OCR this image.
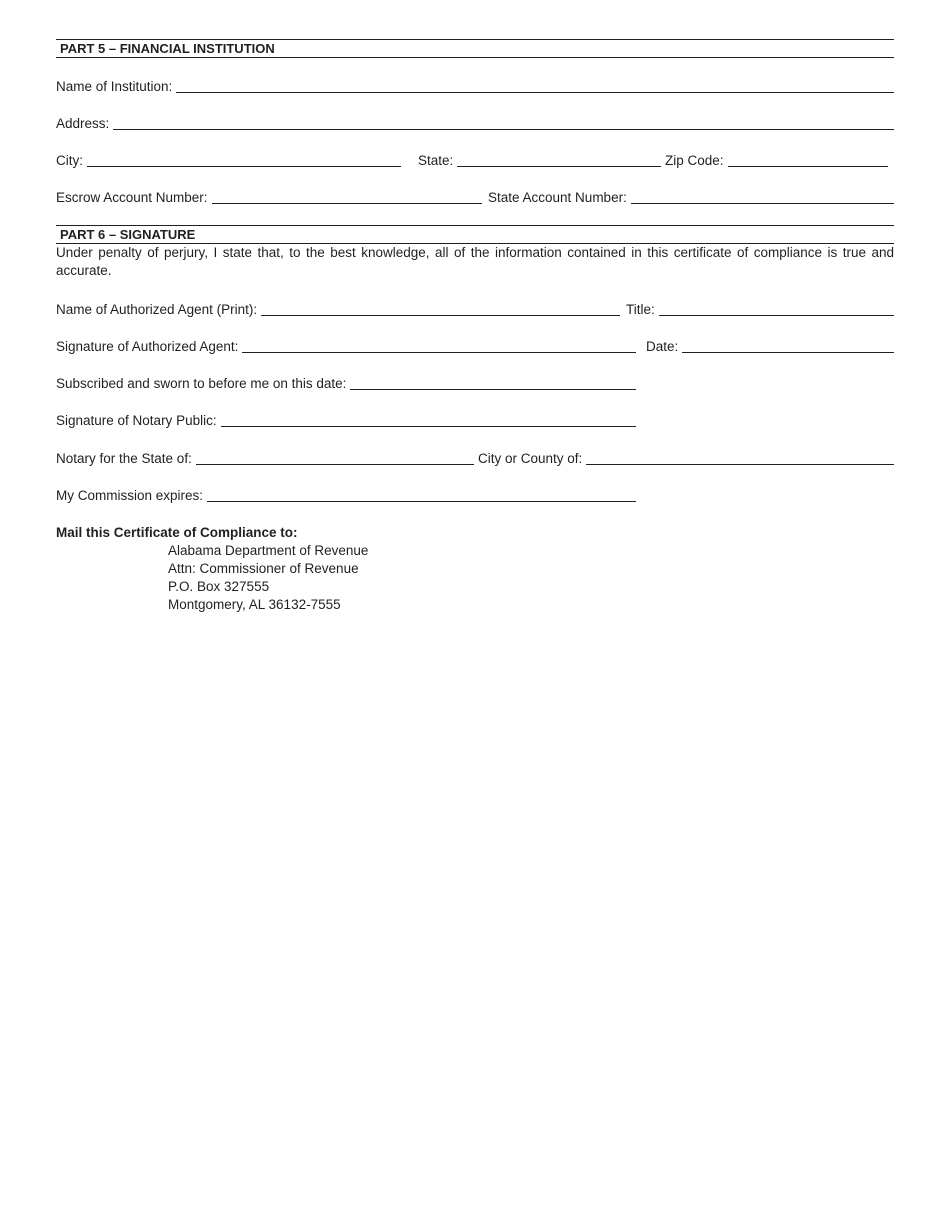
PART 5 – FINANCIAL INSTITUTION
Name of Institution:
Address:
City:	State:	Zip Code:
Escrow Account Number:	State Account Number:
PART 6 – SIGNATURE
Under penalty of perjury, I state that, to the best knowledge, all of the information contained in this certificate of compliance is true and accurate.
Name of Authorized Agent (Print):	Title:
Signature of Authorized Agent:	Date:
Subscribed and sworn to before me on this date:
Signature of Notary Public:
Notary for the State of:	City or County of:
My Commission expires:
Mail this Certificate of Compliance to:
Alabama Department of Revenue
Attn: Commissioner of Revenue
P.O. Box 327555
Montgomery, AL 36132-7555
